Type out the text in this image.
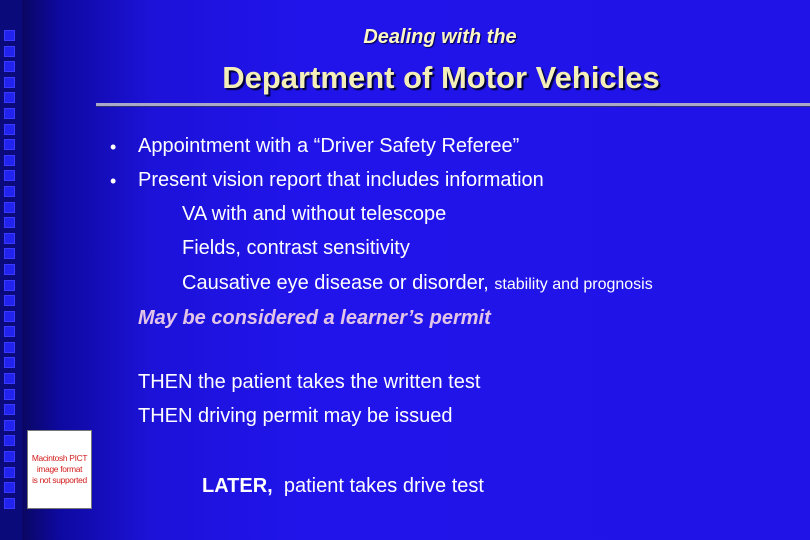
Dealing with the
Department of Motor Vehicles
• Appointment with a “Driver Safety Referee”
• Present vision report that includes information
VA with and without telescope
Fields, contrast sensitivity
Causative eye disease or disorder, stability and prognosis
May be considered a learner’s permit
THEN the patient takes the written test
THEN driving permit may be issued
LATER, patient takes drive test
Macintosh PICT
image format
is not supported
